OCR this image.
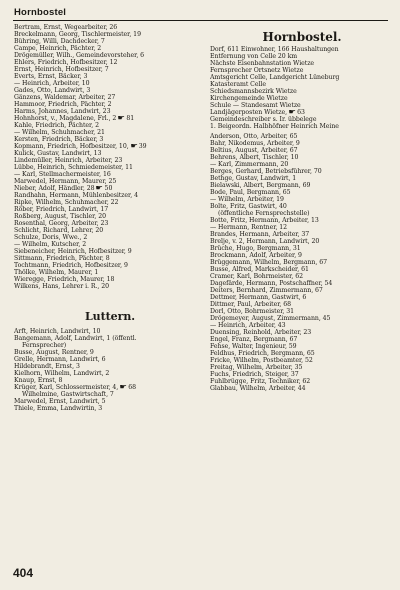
Hornbostel
Bertram, Ernst, Wegearbeiter, 26
Breckelmann, Georg, Tischlermeister, 19
Bühring, Willi, Dachdecker, 7
Campe, Heinrich, Pächter, 2
Drögemüller, Wilh., Gemeindevorsteher, 6
Ehlers, Friedrich, Hofbesitzer, 12
Ernst, Heinrich, Hofbesitzer, 7
Everts, Ernst, Bäcker, 3
— Heinrich, Arbeiter, 10
Gades, Otto, Landwirt, 3
Gänzens, Waldemar, Arbeiter, 27
Hammoor, Friedrich, Pächter, 2
Harms, Johannes, Landwirt, 23
Hohnhorst, v., Magdalene, Frl., 2 ☛ 81
Kahle, Friedrich, Pächter, 2
— Wilhelm, Schuhmacher, 21
Kersten, Friedrich, Bäcker, 3
Kopmann, Friedrich, Hofbesitzer, 10, ☛ 39
Kulick, Gustav, Landwirt, 13
Lindemüller, Heinrich, Arbeiter, 23
Lübbe, Heinrich, Schmiedemeister, 11
— Karl, Stellmachermeister, 16
Marwedel, Hermann, Maurer, 25
Nieber, Adolf, Händler, 28 ☛ 50
Randhahn, Hermann, Mühlenbesitzer, 4
Ripke, Wilhelm, Schuhmacher, 22
Röber, Friedrich, Landwirt, 17
Roßberg, August, Tischler, 20
Rosenthal, Georg, Arbeiter, 23
Schlicht, Richard, Lehrer, 20
Schulze, Doris, Wwe., 2
— Wilhelm, Kutscher, 2
Siebeneicher, Heinrich, Hofbesitzer, 9
Sittmann, Friedrich, Pächter, 8
Tochtmann, Friedrich, Hofbesitzer, 9
Thölke, Wilhelm, Maurer, 1
Wieregge, Friedrich, Maurer, 18
Wilkens, Hans, Lehrer i. R., 20
Luttern.
Arft, Heinrich, Landwirt, 10
Bangemann, Adolf, Landwirt, 1 (öffentl.
Fernsprecher)
Busse, August, Rentner, 9
Grelle, Hermann, Landwirt, 6
Hildebrandt, Ernst, 3
Kielhorn, Wilhelm, Landwirt, 2
Knaup, Ernst, 8
Krüger, Karl, Schlossermeister, 4, ☛ 68
Wilhelmine, Gastwirtschaft, 7
Marwedel, Ernst, Landwirt, 5
Thiele, Emma, Landwirtin, 3
Hornbostel.
Dorf, 611 Einwohner, 166 Haushaltungen
Entfernung von Celle 20 km
Nächste Eisenbahnstation Wietze
Fernsprecher Ortsnetz Wietze
Amtsgericht Celle, Landgericht Lüneburg
Katasteramt Celle
Schiedsmannsbezirk Wietze
Kirchengemeinde Wietze
Schule — Standesamt Wietze
Landjägerposten Wietze, ☛ 63
Gemeindeschreiber s. Ir. übbelege
1. Beigeordn. Halbhöfner Heinrich Meine
Anderson, Otto, Arbeiter, 65
Bahr, Nikodemus, Arbeiter, 9
Beltius, August, Arbeiter, 67
Behrens, Albert, Tischler, 10
— Karl, Zimmermann, 20
Berges, Gerhard, Betriebsführer, 70
Bethge, Gustav, Landwirt, 1
Bielawski, Albert, Bergmann, 69
Bode, Paul, Bergmann, 65
— Wilhelm, Arbeiter, 19
Bolte, Fritz, Gastwirt, 40
(öffentliche Fernsprechstelle)
Botte, Fritz, Hermann, Arbeiter, 13
— Hermann, Rentner, 12
Brandes, Hermann, Arbeiter, 37
Brelje, v. 2, Hermann, Landwirt, 20
Brüche, Hugo, Bergmann, 31
Brockmann, Adolf, Arbeiter, 9
Brüggemann, Wilhelm, Bergmann, 67
Busse, Alfred, Markscheider, 61
Cramer, Karl, Bohrmeister, 62
Dagefärde, Hermann, Postschaffner, 54
Deiters, Bernhard, Zimmermann, 67
Dettmer, Hermann, Gastwirt, 6
Dittmer, Paul, Arbeiter, 68
Dorl, Otto, Bohrmeister, 31
Drögemeyer, August, Zimmermann, 45
— Heinrich, Arbeiter, 43
Duensing, Reinhold, Arbeiter, 23
Engel, Franz, Bergmann, 67
Fehse, Walter, Ingenieur, 59
Feldhus, Friedrich, Bergmann, 65
Fricke, Wilhelm, Postbeamter, 52
Freitag, Wilhelm, Arbeiter, 35
Fuchs, Friedrich, Steiger, 37
Fuhlbrügge, Fritz, Techniker, 62
Glabbau, Wilhelm, Arbeiter, 44
404
